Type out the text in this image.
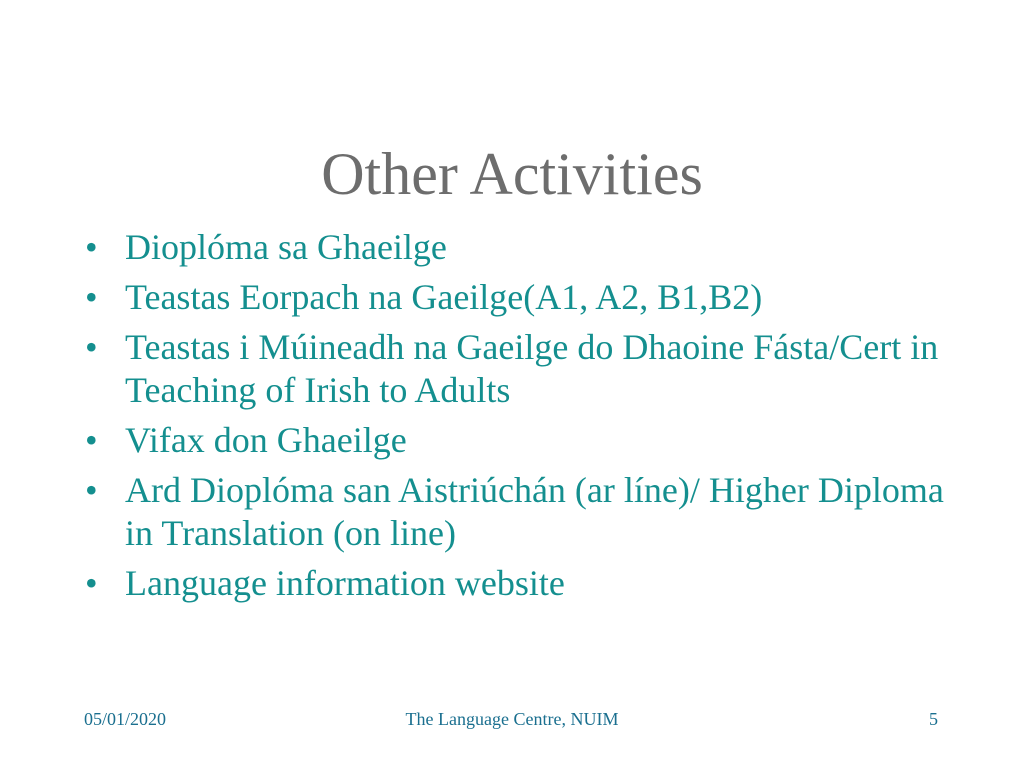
Other Activities
• Dioplóma sa Ghaeilge
• Teastas Eorpach na Gaeilge(A1, A2, B1,B2)
• Teastas i Múineadh na Gaeilge do Dhaoine Fásta/Cert in Teaching of Irish to Adults
• Vifax don Ghaeilge
• Ard Dioplóma san Aistriúchán (ar líne)/ Higher Diploma in Translation (on line)
• Language information website
05/01/2020	The Language Centre, NUIM	5
